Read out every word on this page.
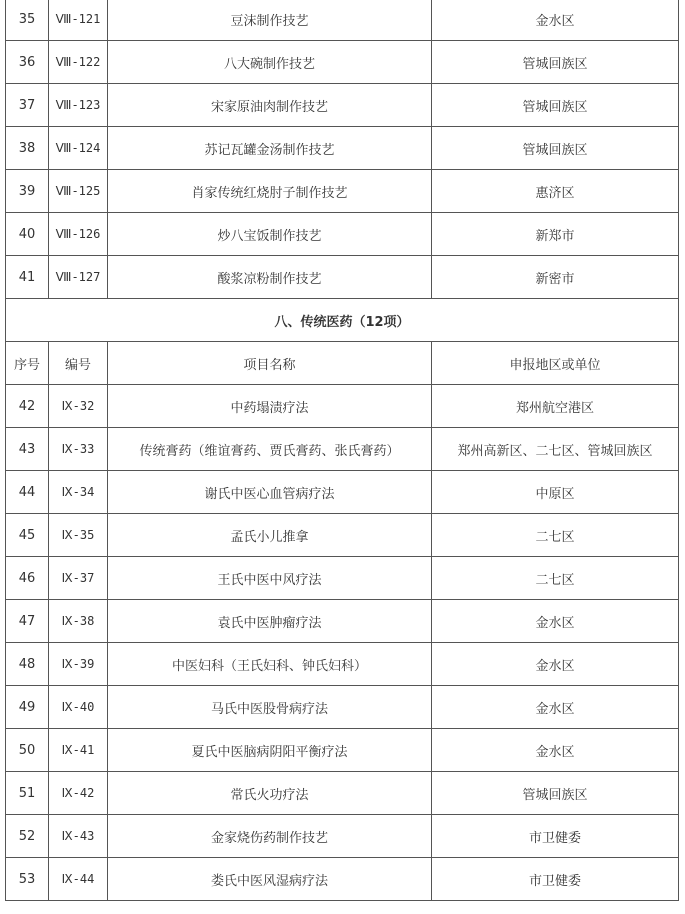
35	Ⅷ-121	豆沫制作技艺	金水区
36	Ⅷ-122	八大碗制作技艺	管城回族区
37	Ⅷ-123	宋家原油肉制作技艺	管城回族区
38	Ⅷ-124	苏记瓦罐金汤制作技艺	管城回族区
39	Ⅷ-125	肖家传统红烧肘子制作技艺	惠济区
40	Ⅷ-126	炒八宝饭制作技艺	新郑市
41	Ⅷ-127	酸浆凉粉制作技艺	新密市
八、传统医药（12项）			
序号	编号	项目名称	申报地区或单位
42	Ⅸ-32	中药塌渍疗法	郑州航空港区
43	Ⅸ-33	传统膏药（维谊膏药、贾氏膏药、张氏膏药）	郑州高新区、二七区、管城回族区
44	Ⅸ-34	谢氏中医心血管病疗法	中原区
45	Ⅸ-35	孟氏小儿推拿	二七区
46	Ⅸ-37	王氏中医中风疗法	二七区
47	Ⅸ-38	袁氏中医肿瘤疗法	金水区
48	Ⅸ-39	中医妇科（王氏妇科、钟氏妇科）	金水区
49	Ⅸ-40	马氏中医股骨病疗法	金水区
50	Ⅸ-41	夏氏中医脑病阴阳平衡疗法	金水区
51	Ⅸ-42	常氏火功疗法	管城回族区
52	Ⅸ-43	金家烧伤药制作技艺	市卫健委
53	Ⅸ-44	娄氏中医风湿病疗法	市卫健委
